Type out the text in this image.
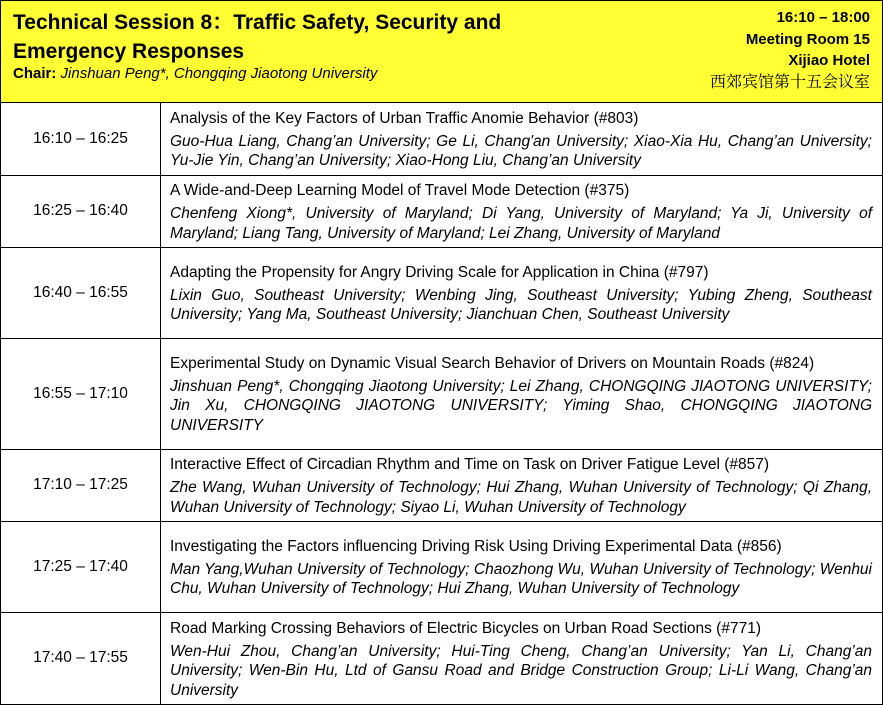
Technical Session 8：Traffic Safety, Security and
Emergency Responses
Chair: Jinshuan Peng*, Chongqing Jiaotong University
16:10 – 18:00
Meeting Room 15
Xijiao Hotel
西郊宾馆第十五会议室
16:10 – 16:25	Analysis of the Key Factors of Urban Traffic Anomie Behavior (#803)
Guo-Hua Liang, Chang’an University; Ge Li, Chang'an University; Xiao-Xia Hu, Chang’an University; Yu-Jie Yin, Chang’an University; Xiao-Hong Liu, Chang’an University

16:25 – 16:40	A Wide-and-Deep Learning Model of Travel Mode Detection (#375)
Chenfeng Xiong*, University of Maryland; Di Yang, University of Maryland; Ya Ji, University of Maryland; Liang Tang, University of Maryland; Lei Zhang, University of Maryland

16:40 – 16:55	Adapting the Propensity for Angry Driving Scale for Application in China (#797)
Lixin Guo, Southeast University; Wenbing Jing, Southeast University; Yubing Zheng, Southeast University; Yang Ma, Southeast University; Jianchuan Chen, Southeast University

16:55 – 17:10	Experimental Study on Dynamic Visual Search Behavior of Drivers on Mountain Roads (#824)
Jinshuan Peng*, Chongqing Jiaotong University; Lei Zhang, CHONGQING JIAOTONG UNIVERSITY; Jin Xu, CHONGQING JIAOTONG UNIVERSITY; Yiming Shao, CHONGQING JIAOTONG UNIVERSITY

17:10 – 17:25	Interactive Effect of Circadian Rhythm and Time on Task on Driver Fatigue Level (#857)
Zhe Wang, Wuhan University of Technology; Hui Zhang, Wuhan University of Technology; Qi Zhang, Wuhan University of Technology; Siyao Li, Wuhan University of Technology

17:25 – 17:40	Investigating the Factors influencing Driving Risk Using Driving Experimental Data (#856)
Man Yang,Wuhan University of Technology; Chaozhong Wu, Wuhan University of Technology; Wenhui Chu, Wuhan University of Technology; Hui Zhang, Wuhan University of Technology

17:40 – 17:55	Road Marking Crossing Behaviors of Electric Bicycles on Urban Road Sections (#771)
Wen-Hui Zhou, Chang’an University; Hui-Ting Cheng, Chang’an University; Yan Li, Chang’an University; Wen-Bin Hu, Ltd of Gansu Road and Bridge Construction Group; Li-Li Wang, Chang’an University
